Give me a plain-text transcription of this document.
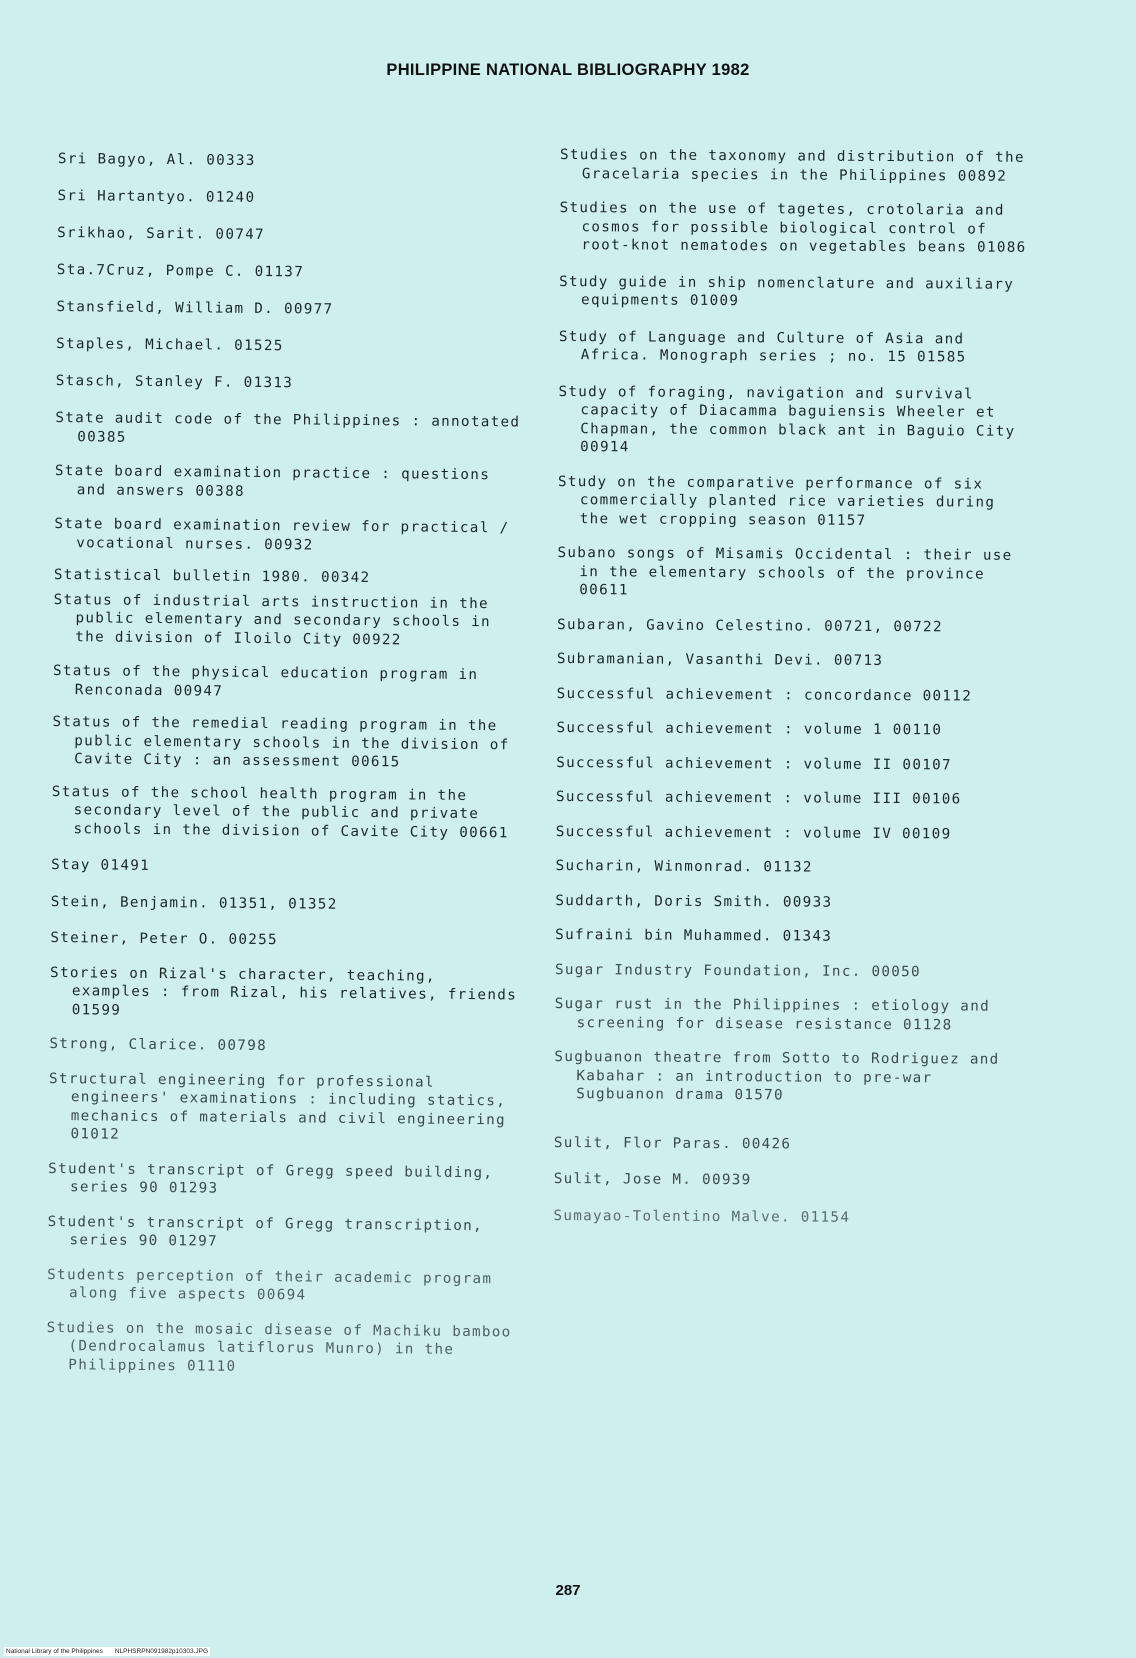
PHILIPPINE NATIONAL BIBLIOGRAPHY 1982
Sri Bagyo, Al. 00333
Sri Hartantyo. 01240
Srikhao, Sarit. 00747
Sta.7Cruz, Pompe C. 01137
Stansfield, William D. 00977
Staples, Michael. 01525
Stasch, Stanley F. 01313
State audit code of the Philippines : annotated 00385
State board examination practice : questions and answers 00388
State board examination review for practical / vocational nurses. 00932
Statistical bulletin 1980. 00342
Status of industrial arts instruction in the public elementary and secondary schools in the division of Iloilo City 00922
Status of the physical education program in Renconada 00947
Status of the remedial reading program in the public elementary schools in the division of Cavite City : an assessment 00615
Status of the school health program in the secondary level of the public and private schools in the division of Cavite City 00661
Stay 01491
Stein, Benjamin. 01351, 01352
Steiner, Peter O. 00255
Stories on Rizal's character, teaching, examples : from Rizal, his relatives, friends 01599
Strong, Clarice. 00798
Structural engineering for professional engineers' examinations : including statics, mechanics of materials and civil engineering 01012
Student's transcript of Gregg speed building, series 90 01293
Student's transcript of Gregg transcription, series 90 01297
Students perception of their academic program along five aspects 00694
Studies on the mosaic disease of Machiku bamboo (Dendrocalamus latiflorus Munro) in the Philippines 01110
Studies on the taxonomy and distribution of the Gracelaria species in the Philippines 00892
Studies on the use of tagetes, crotolaria and cosmos for possible biological control of root-knot nematodes on vegetables beans 01086
Study guide in ship nomenclature and auxiliary equipments 01009
Study of Language and Culture of Asia and Africa. Monograph series ; no. 15 01585
Study of foraging, navigation and survival capacity of Diacamma baguiensis Wheeler et Chapman, the common black ant in Baguio City 00914
Study on the comparative performance of six commercially planted rice varieties during the wet cropping season 01157
Subano songs of Misamis Occidental : their use in the elementary schools of the province 00611
Subaran, Gavino Celestino. 00721, 00722
Subramanian, Vasanthi Devi. 00713
Successful achievement : concordance 00112
Successful achievement : volume 1 00110
Successful achievement : volume II 00107
Successful achievement : volume III 00106
Successful achievement : volume IV 00109
Sucharin, Winmonrad. 01132
Suddarth, Doris Smith. 00933
Sufraini bin Muhammed. 01343
Sugar Industry Foundation, Inc. 00050
Sugar rust in the Philippines : etiology and screening for disease resistance 01128
Sugbuanon theatre from Sotto to Rodriguez and Kabahar : an introduction to pre-war Sugbuanon drama 01570
Sulit, Flor Paras. 00426
Sulit, Jose M. 00939
Sumayao-Tolentino Malve. 01154
287
National Library of the Philippines NLPHSRPN091982p10303.JPG
